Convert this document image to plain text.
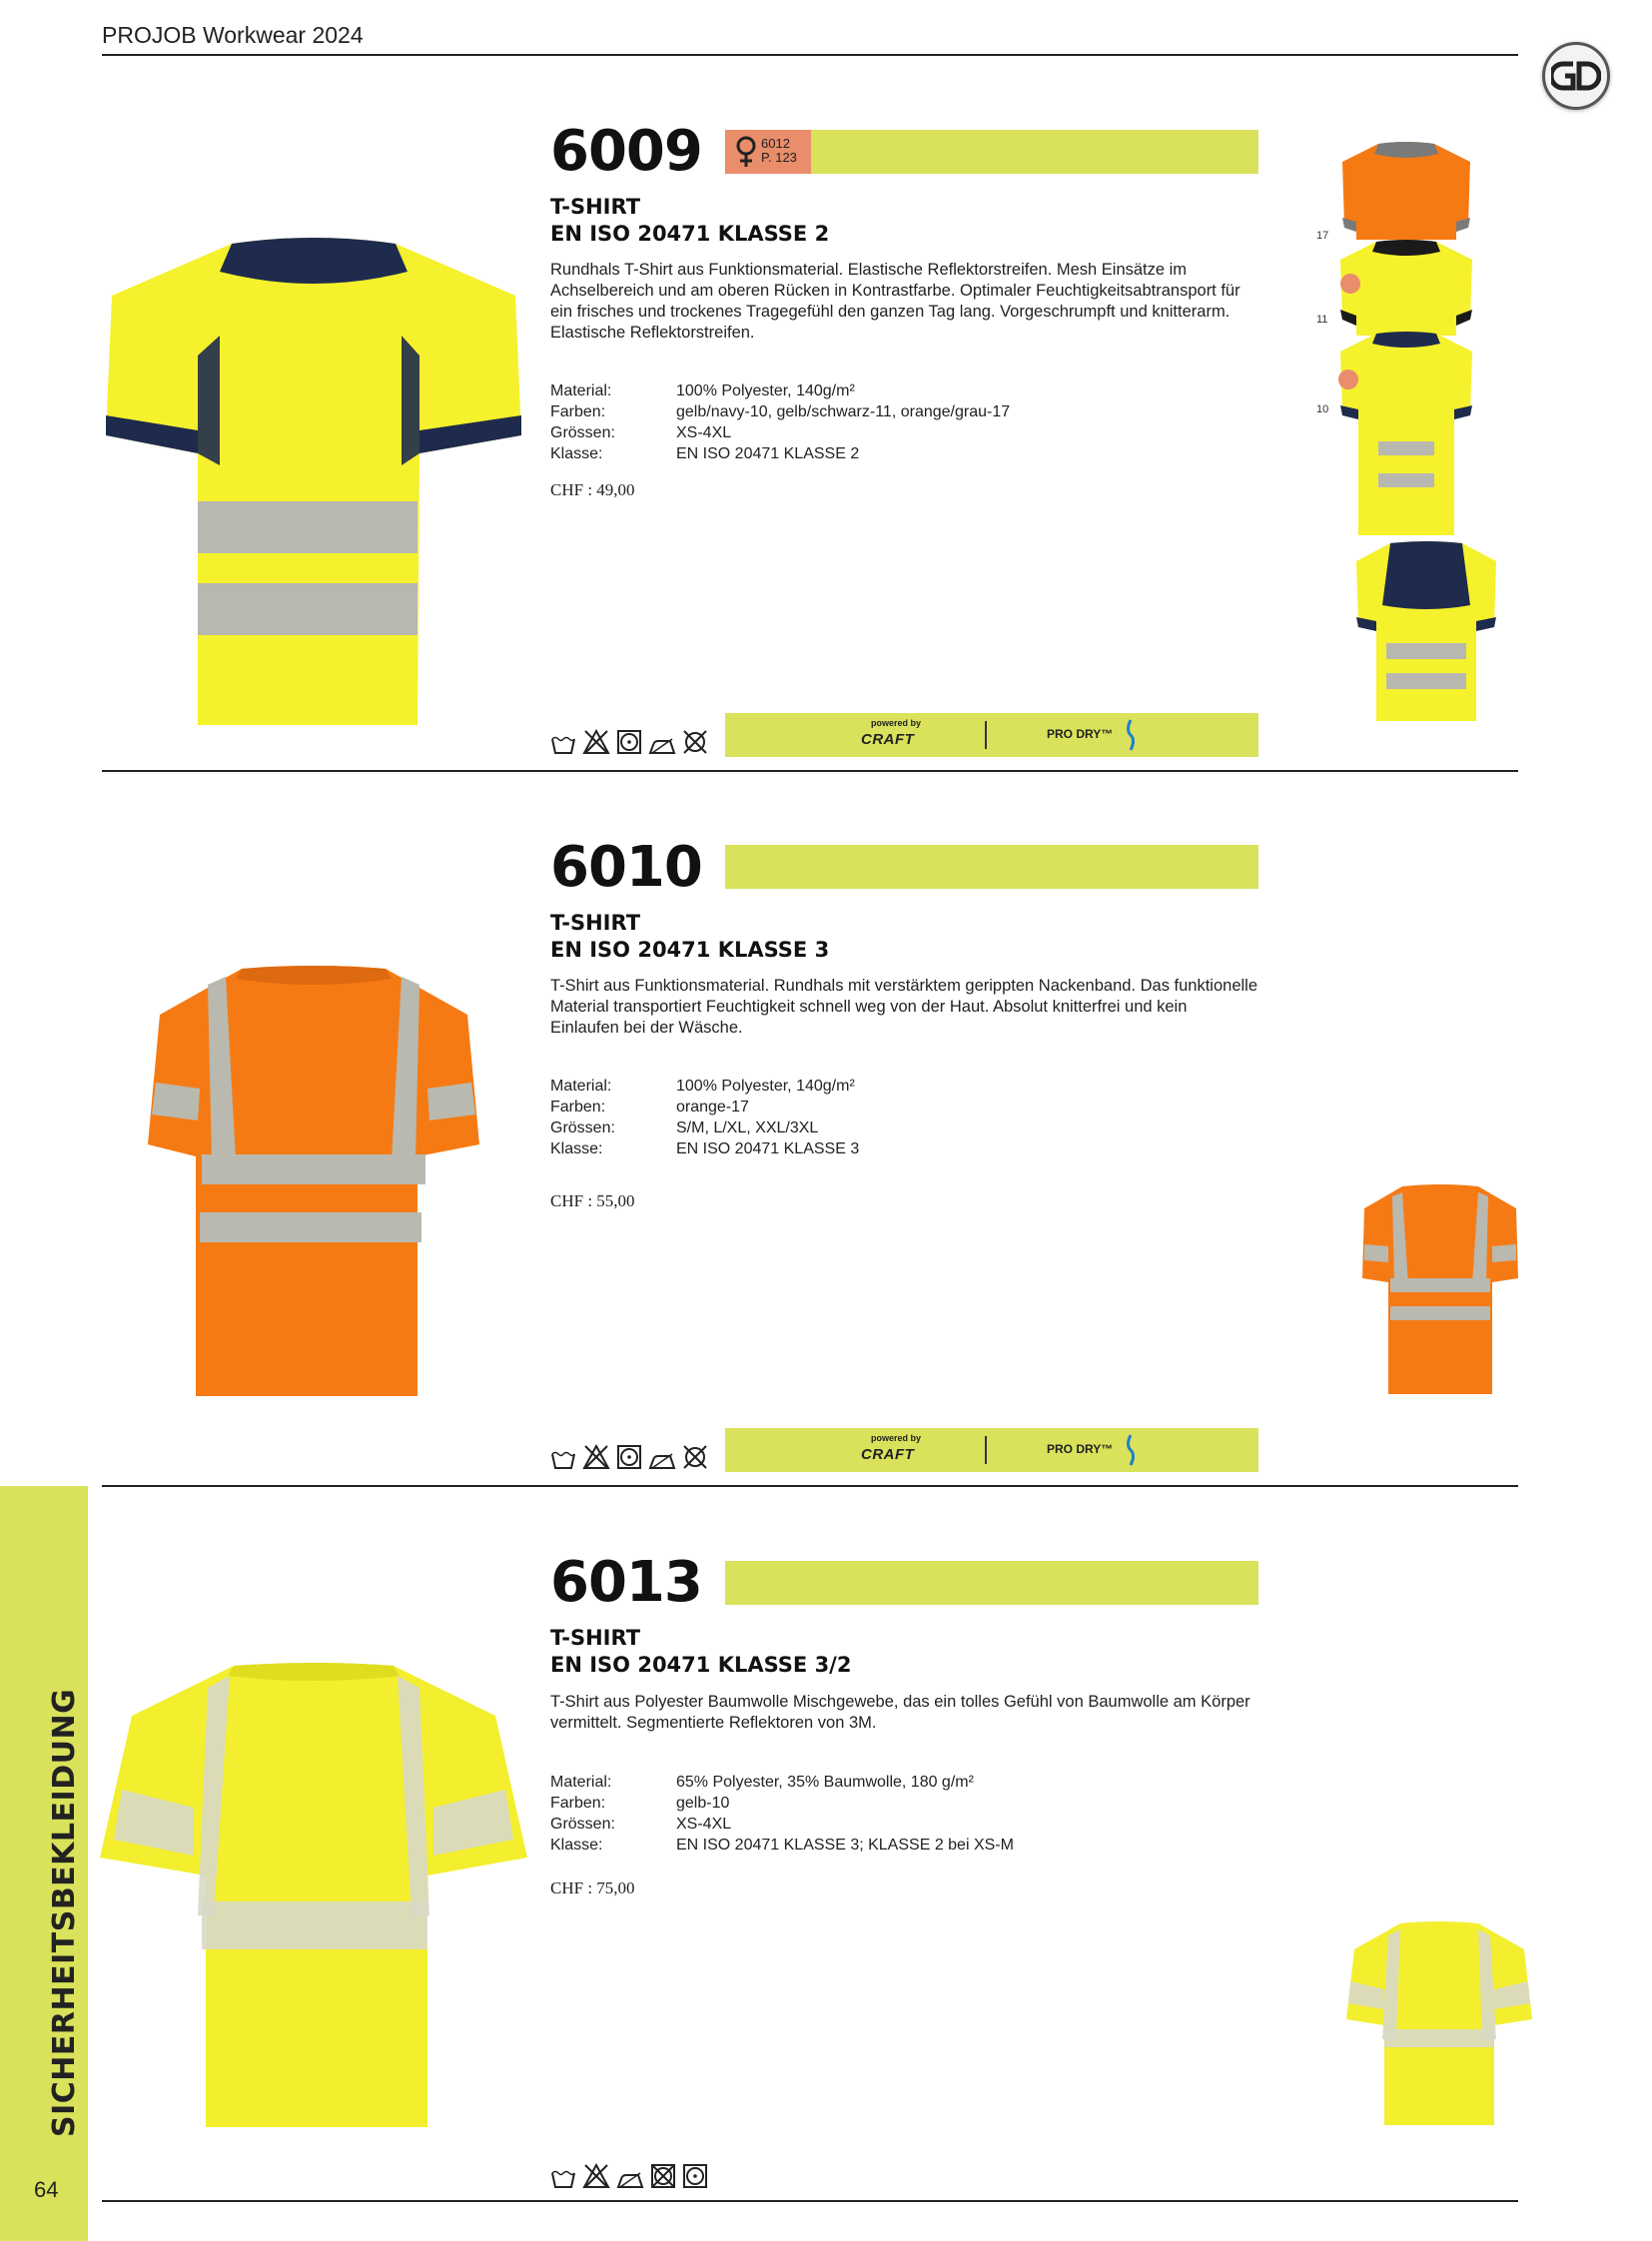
PROJOB Workwear 2024
6009	6012
P. 123
T-SHIRT
EN ISO 20471 KLASSE 2
Rundhals T-Shirt aus Funktionsmaterial. Elastische Reflektorstreifen. Mesh Einsätze im Achselbereich und am oberen Rücken in Kontrastfarbe. Optimaler Feuchtigkeitsabtransport für ein frisches und trockenes Tragegefühl den ganzen Tag lang. Vorgeschrumpft und knitterarm. Elastische Reflektorstreifen.
Material:	100% Polyester, 140g/m²
Farben:	gelb/navy-10, gelb/schwarz-11, orange/grau-17
Grössen:	XS-4XL
Klasse:	EN ISO 20471 KLASSE 2
CHF : 49,00
powered by
CRAFT	PRO DRY™
17
11
10
6010
T-SHIRT
EN ISO 20471 KLASSE 3
T-Shirt aus Funktionsmaterial. Rundhals mit verstärktem gerippten Nackenband. Das funktionelle Material transportiert Feuchtigkeit schnell weg von der Haut. Absolut knitterfrei und kein Einlaufen bei der Wäsche.
Material:	100% Polyester, 140g/m²
Farben:	orange-17
Grössen:	S/M, L/XL, XXL/3XL
Klasse:	EN ISO 20471 KLASSE 3
CHF : 55,00
powered by
CRAFT	PRO DRY™
SICHERHEITSBEKLEIDUNG
64
6013
T-SHIRT
EN ISO 20471 KLASSE 3/2
T-Shirt aus Polyester Baumwolle Mischgewebe, das ein tolles Gefühl von Baumwolle am Körper vermittelt. Segmentierte Reflektoren von 3M.
Material:	65% Polyester, 35% Baumwolle, 180 g/m²
Farben:	gelb-10
Grössen:	XS-4XL
Klasse:	EN ISO 20471 KLASSE 3; KLASSE 2 bei XS-M
CHF : 75,00
